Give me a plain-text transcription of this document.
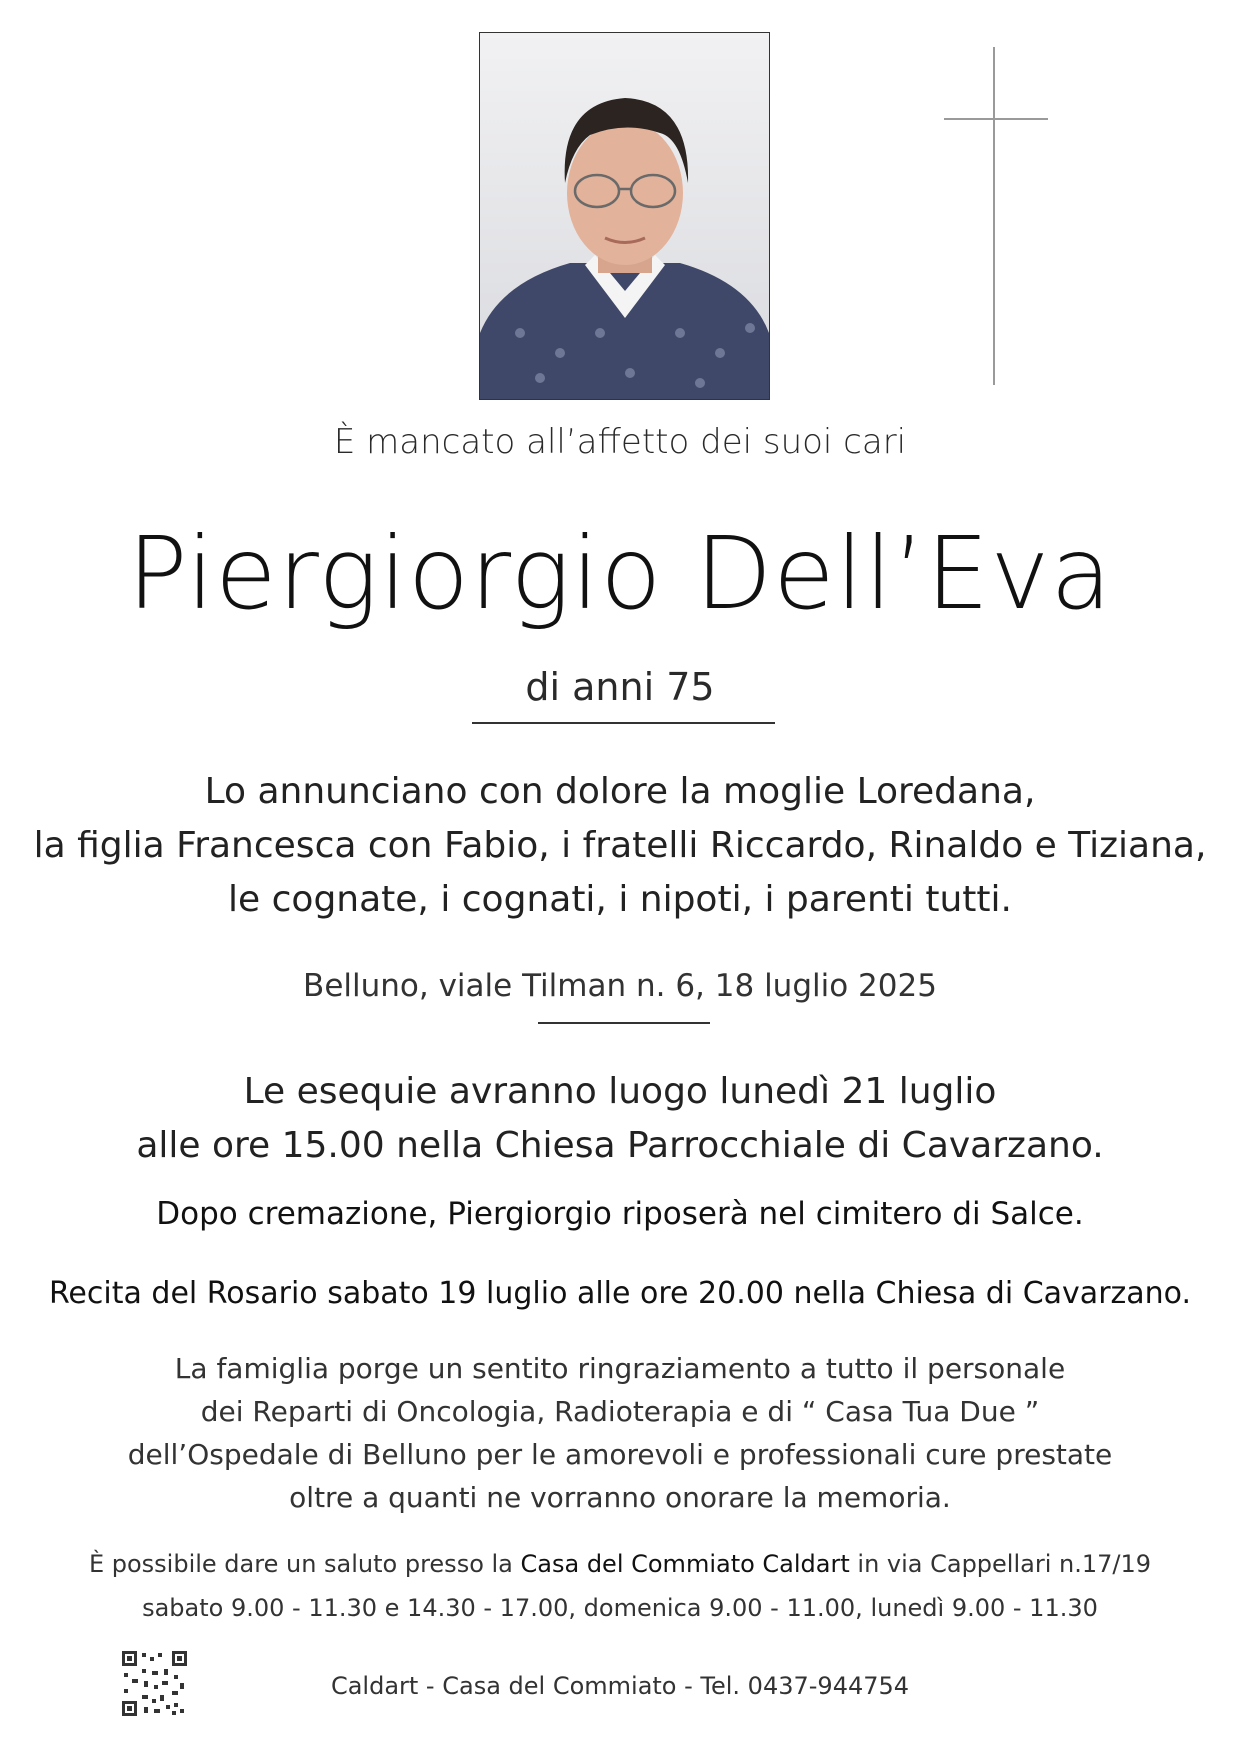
È mancato all’affetto dei suoi cari
Piergiorgio Dell’Eva
di anni 75
Lo annunciano con dolore la moglie Loredana,
la figlia Francesca con Fabio, i fratelli Riccardo, Rinaldo e Tiziana,
le cognate, i cognati, i nipoti, i parenti tutti.
Belluno, viale Tilman n. 6, 18 luglio 2025
Le esequie avranno luogo lunedì 21 luglio
alle ore 15.00 nella Chiesa Parrocchiale di Cavarzano.
Dopo cremazione, Piergiorgio riposerà nel cimitero di Salce.
Recita del Rosario sabato 19 luglio alle ore 20.00 nella Chiesa di Cavarzano.
La famiglia porge un sentito ringraziamento a tutto il personale
dei Reparti di Oncologia, Radioterapia e di “ Casa Tua Due ”
dell’Ospedale di Belluno per le amorevoli e professionali cure prestate
oltre a quanti ne vorranno onorare la memoria.
È possibile dare un saluto presso la Casa del Commiato Caldart in via Cappellari n.17/19
sabato 9.00 - 11.30 e 14.30 - 17.00, domenica 9.00 - 11.00, lunedì 9.00 - 11.30
Caldart - Casa del Commiato - Tel. 0437-944754
